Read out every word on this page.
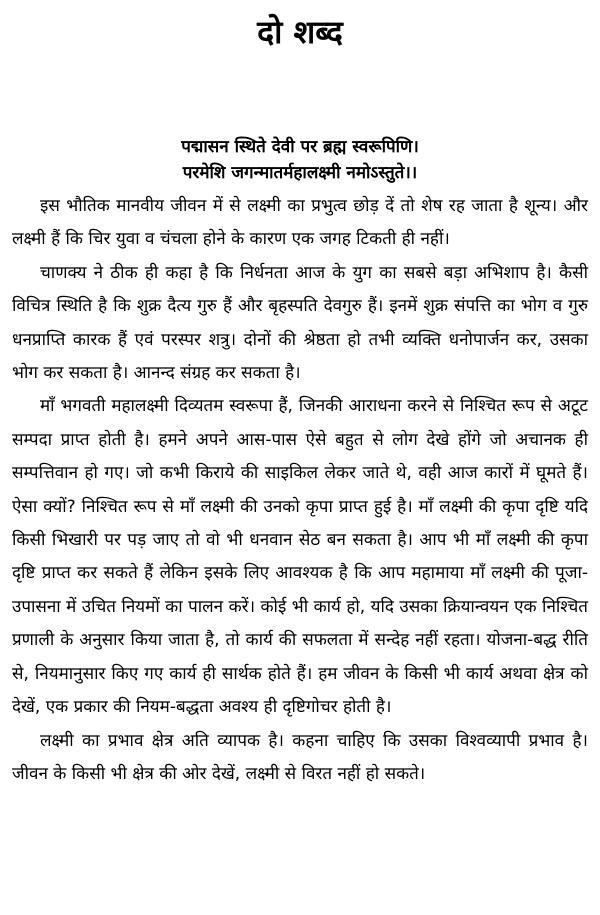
दो शब्द
पद्मासन स्थिते देवी पर ब्रह्म स्वरूपिणि।
परमेशि जगन्मातर्महालक्ष्मी नमोऽस्तुते।।

इस भौतिक मानवीय जीवन में से लक्ष्मी का प्रभुत्व छोड़ दें तो शेष रह जाता है शून्य। और लक्ष्मी हैं कि चिर युवा व चंचला होने के कारण एक जगह टिकती ही नहीं।

चाणक्य ने ठीक ही कहा है कि निर्धनता आज के युग का सबसे बड़ा अभिशाप है। कैसी विचित्र स्थिति है कि शुक्र दैत्य गुरु हैं और बृहस्पति देवगुरु हैं। इनमें शुक्र संपत्ति का भोग व गुरु धनप्राप्ति कारक हैं एवं परस्पर शत्रु। दोनों की श्रेष्ठता हो तभी व्यक्ति धनोपार्जन कर, उसका भोग कर सकता है। आनन्द संग्रह कर सकता है।

माँ भगवती महालक्ष्मी दिव्यतम स्वरूपा हैं, जिनकी आराधना करने से निश्चित रूप से अटूट सम्पदा प्राप्त होती है। हमने अपने आस-पास ऐसे बहुत से लोग देखे होंगे जो अचानक ही सम्पत्तिवान हो गए। जो कभी किराये की साइकिल लेकर जाते थे, वही आज कारों में घूमते हैं। ऐसा क्यों? निश्चित रूप से माँ लक्ष्मी की उनको कृपा प्राप्त हुई है। माँ लक्ष्मी की कृपा दृष्टि यदि किसी भिखारी पर पड़ जाए तो वो भी धनवान सेठ बन सकता है। आप भी माँ लक्ष्मी की कृपा दृष्टि प्राप्त कर सकते हैं लेकिन इसके लिए आवश्यक है कि आप महामाया माँ लक्ष्मी की पूजा-उपासना में उचित नियमों का पालन करें। कोई भी कार्य हो, यदि उसका क्रियान्वयन एक निश्चित प्रणाली के अनुसार किया जाता है, तो कार्य की सफलता में सन्देह नहीं रहता। योजना-बद्ध रीति से, नियमानुसार किए गए कार्य ही सार्थक होते हैं। हम जीवन के किसी भी कार्य अथवा क्षेत्र को देखें, एक प्रकार की नियम-बद्धता अवश्य ही दृष्टिगोचर होती है।

लक्ष्मी का प्रभाव क्षेत्र अति व्यापक है। कहना चाहिए कि उसका विश्वव्यापी प्रभाव है। जीवन के किसी भी क्षेत्र की ओर देखें, लक्ष्मी से विरत नहीं हो सकते।
